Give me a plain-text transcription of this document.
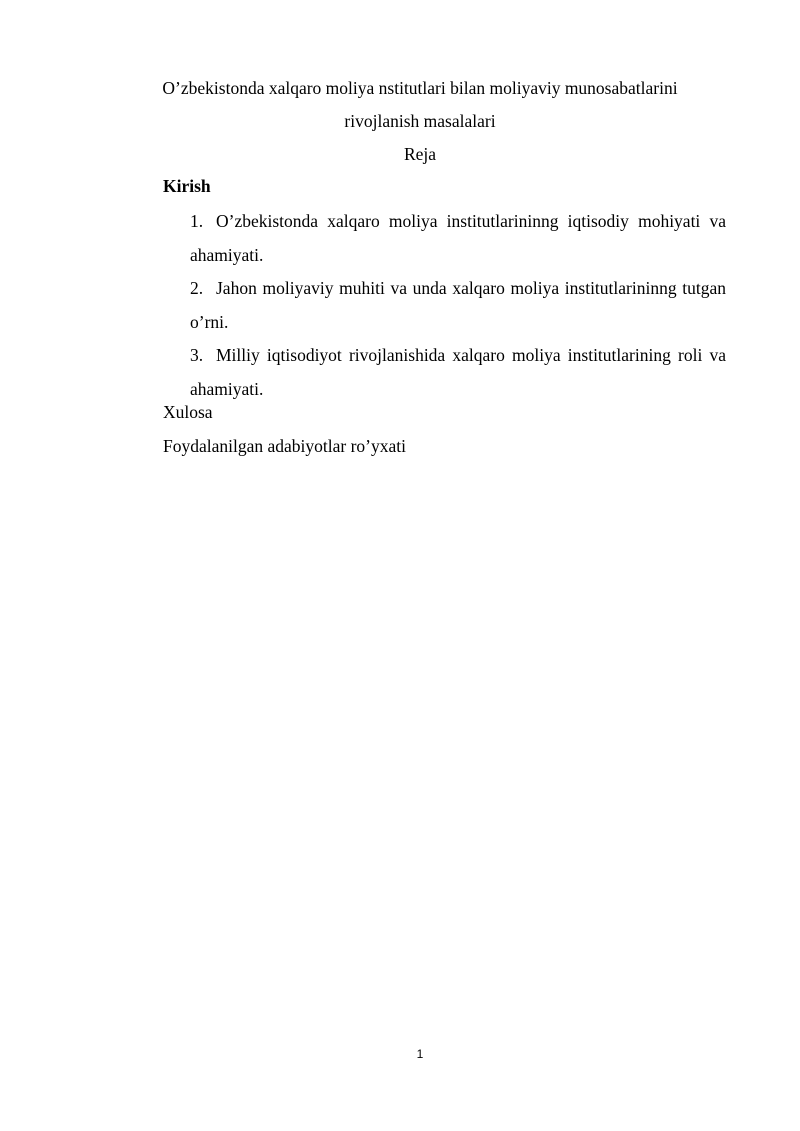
O’zbekistonda xalqaro moliya nstitutlari bilan moliyaviy munosabatlarini
rivojlanish masalalari
Reja
Kirish
1. O’zbekistonda xalqaro moliya institutlarininng iqtisodiy mohiyati va ahamiyati.
2. Jahon moliyaviy muhiti va unda xalqaro moliya institutlarininng tutgan o’rni.
3. Milliy iqtisodiyot rivojlanishida xalqaro moliya institutlarining roli va ahamiyati.
Xulosa
Foydalanilgan adabiyotlar ro’yxati
1
